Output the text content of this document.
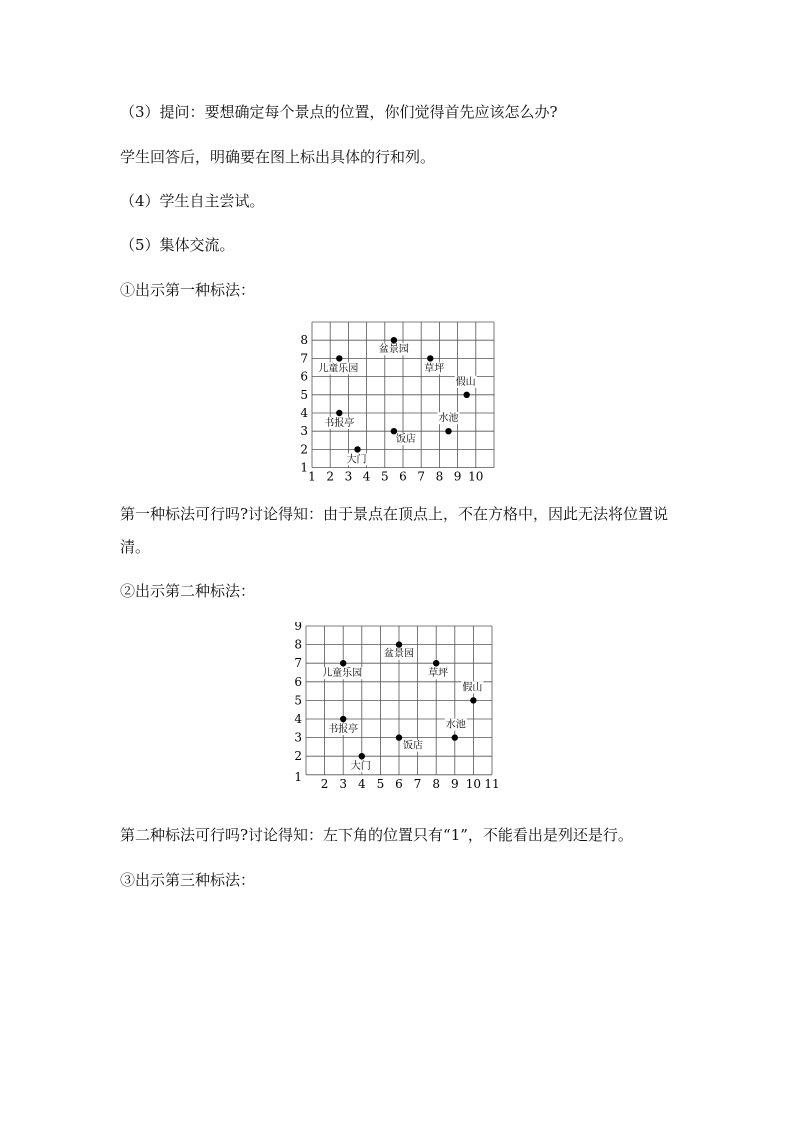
（3）提问：要想确定每个景点的位置，你们觉得首先应该怎么办?

学生回答后，明确要在图上标出具体的行和列。

（4）学生自主尝试。

（5）集体交流。

①出示第一种标法：

1 2 3 4 5 6 7 8 9 10
1
2
3
4
5
6
7
8
盆景园
儿童乐园	草坪
假山
书报亭	水池
饭店
大门

第一种标法可行吗?讨论得知：由于景点在顶点上，不在方格中，因此无法将位置说清。

②出示第二种标法：

2 3 4 5 6 7 8 9 10 11
2
3
4
5
6
7
8
9
1
盆景园
儿童乐园	草坪
假山
书报亭	水池
饭店
大门

第二种标法可行吗?讨论得知：左下角的位置只有“1”，不能看出是列还是行。

③出示第三种标法：
